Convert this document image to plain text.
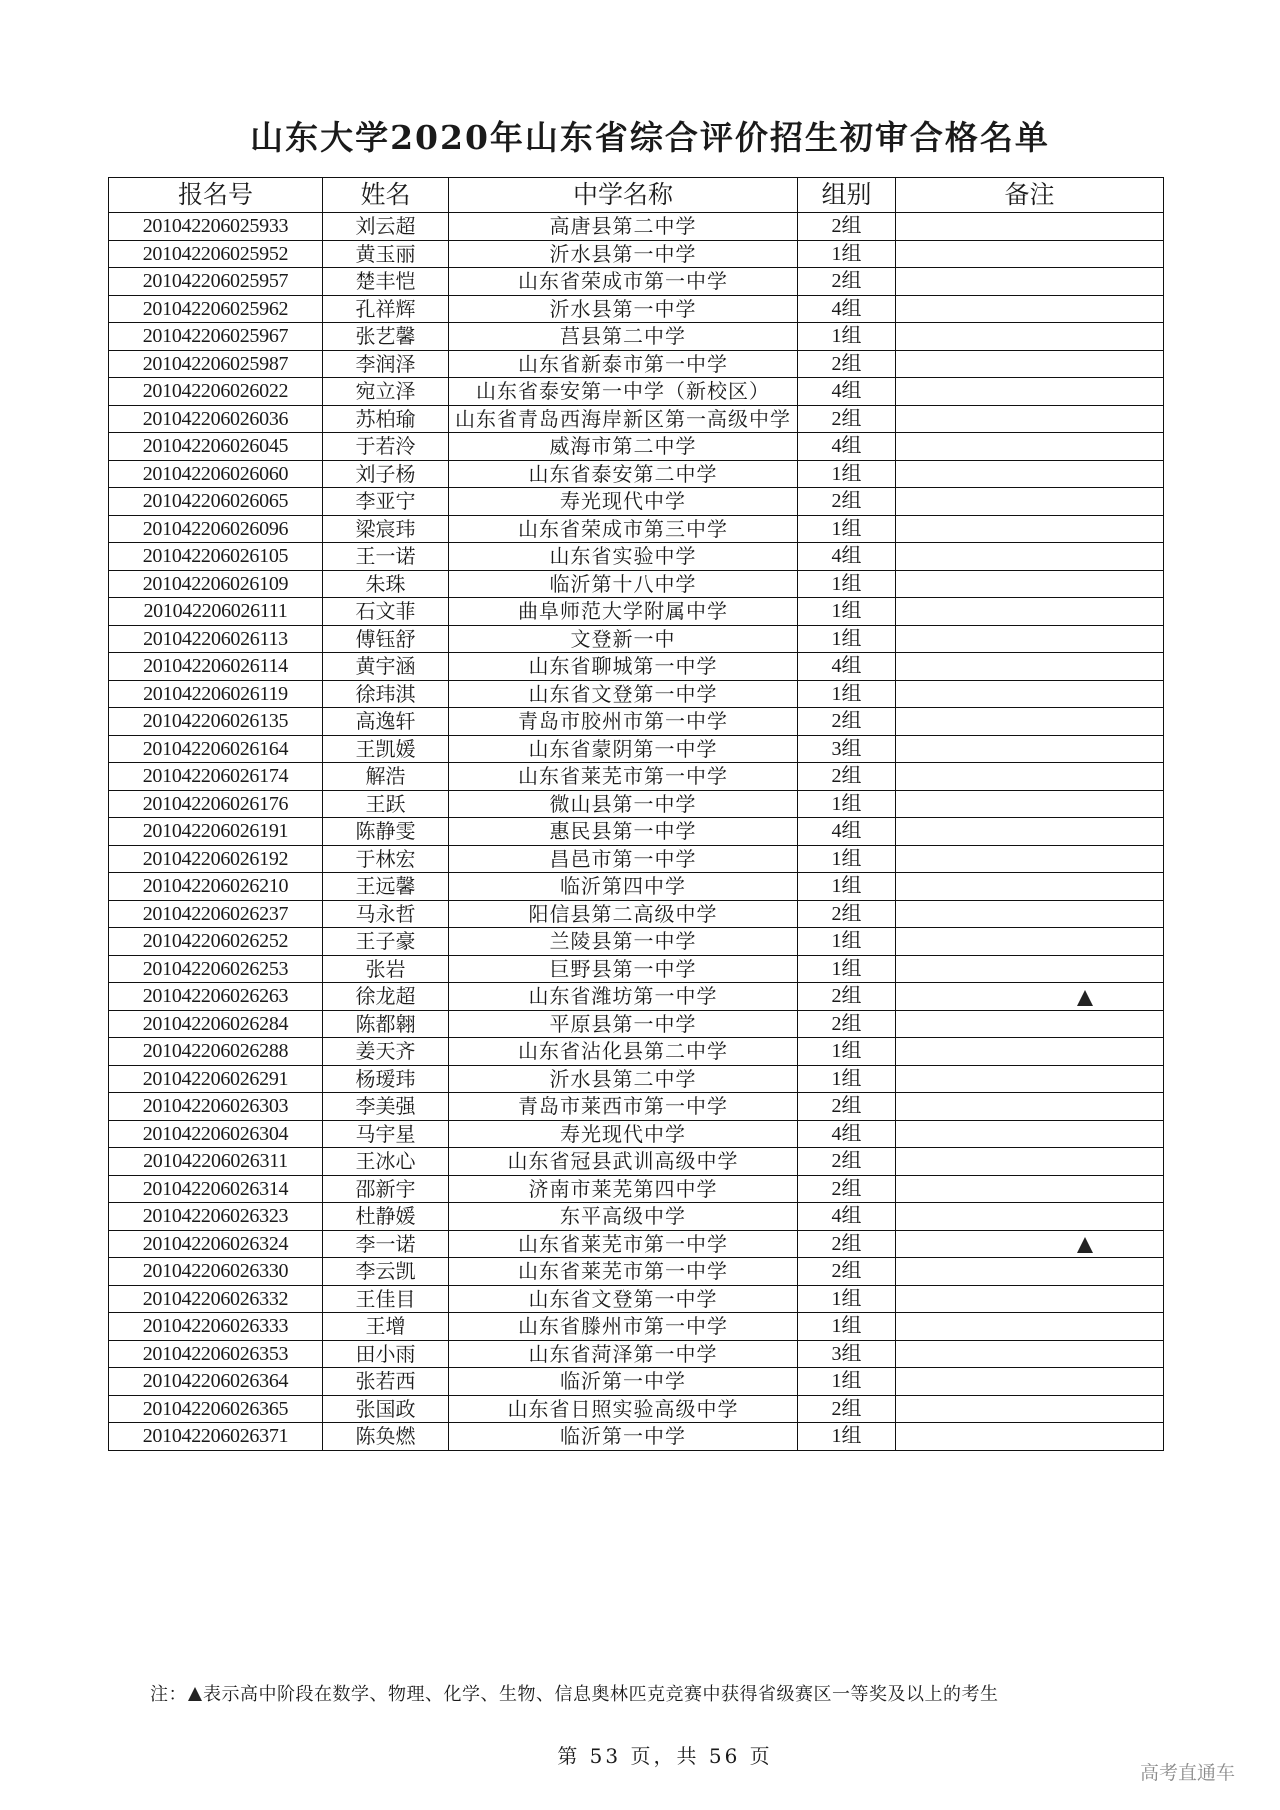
山东大学2020年山东省综合评价招生初审合格名单
报名号	姓名	中学名称	组别	备注
201042206025933	刘云超	高唐县第二中学	2组	
201042206025952	黄玉丽	沂水县第一中学	1组	
201042206025957	楚丰恺	山东省荣成市第一中学	2组	
201042206025962	孔祥辉	沂水县第一中学	4组	
201042206025967	张艺馨	莒县第二中学	1组	
201042206025987	李润泽	山东省新泰市第一中学	2组	
201042206026022	宛立泽	山东省泰安第一中学（新校区）	4组	
201042206026036	苏柏瑜	山东省青岛西海岸新区第一高级中学	2组	
201042206026045	于若泠	威海市第二中学	4组	
201042206026060	刘子杨	山东省泰安第二中学	1组	
201042206026065	李亚宁	寿光现代中学	2组	
201042206026096	梁宸玮	山东省荣成市第三中学	1组	
201042206026105	王一诺	山东省实验中学	4组	
201042206026109	朱珠	临沂第十八中学	1组	
201042206026111	石文菲	曲阜师范大学附属中学	1组	
201042206026113	傅钰舒	文登新一中	1组	
201042206026114	黄宇涵	山东省聊城第一中学	4组	
201042206026119	徐玮淇	山东省文登第一中学	1组	
201042206026135	高逸轩	青岛市胶州市第一中学	2组	
201042206026164	王凯媛	山东省蒙阴第一中学	3组	
201042206026174	解浩	山东省莱芜市第一中学	2组	
201042206026176	王跃	微山县第一中学	1组	
201042206026191	陈静雯	惠民县第一中学	4组	
201042206026192	于林宏	昌邑市第一中学	1组	
201042206026210	王远馨	临沂第四中学	1组	
201042206026237	马永哲	阳信县第二高级中学	2组	
201042206026252	王子豪	兰陵县第一中学	1组	
201042206026253	张岩	巨野县第一中学	1组	
201042206026263	徐龙超	山东省潍坊第一中学	2组	
201042206026284	陈都翱	平原县第一中学	2组	
201042206026288	姜天齐	山东省沾化县第二中学	1组	
201042206026291	杨瑷玮	沂水县第二中学	1组	
201042206026303	李美强	青岛市莱西市第一中学	2组	
201042206026304	马宇星	寿光现代中学	4组	
201042206026311	王冰心	山东省冠县武训高级中学	2组	
201042206026314	邵新宇	济南市莱芜第四中学	2组	
201042206026323	杜静媛	东平高级中学	4组	
201042206026324	李一诺	山东省莱芜市第一中学	2组	
201042206026330	李云凯	山东省莱芜市第一中学	2组	
201042206026332	王佳目	山东省文登第一中学	1组	
201042206026333	王增	山东省滕州市第一中学	1组	
201042206026353	田小雨	山东省菏泽第一中学	3组	
201042206026364	张若西	临沂第一中学	1组	
201042206026365	张国政	山东省日照实验高级中学	2组	
201042206026371	陈奂燃	临沂第一中学	1组	
注： 表示高中阶段在数学、物理、化学、生物、信息奥林匹克竞赛中获得省级赛区一等奖及以上的考生
第 53 页，共 56 页
高考直通车
